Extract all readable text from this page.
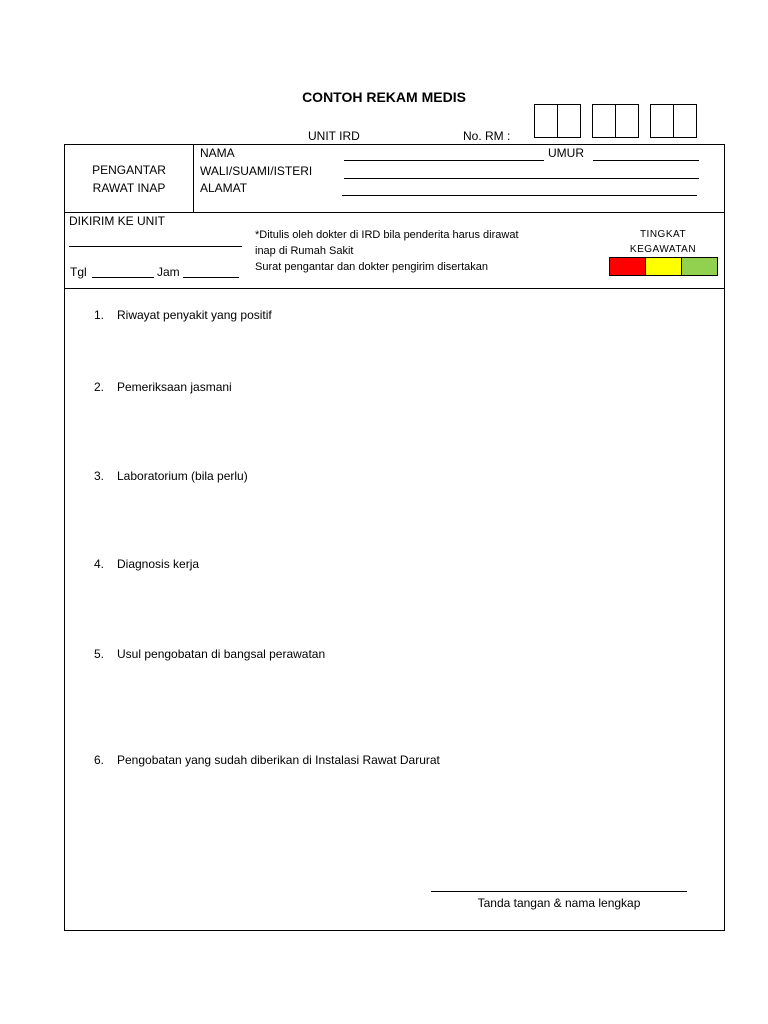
CONTOH REKAM MEDIS
UNIT IRD	No. RM :
PENGANTAR
RAWAT INAP
NAMA	UMUR
WALI/SUAMI/ISTERI
ALAMAT
DIKIRIM KE UNIT
Tgl	Jam
*Ditulis oleh dokter di IRD bila penderita harus dirawat
inap di Rumah Sakit
Surat pengantar dan dokter pengirim disertakan
TINGKAT
KEGAWATAN
1. Riwayat penyakit yang positif
2. Pemeriksaan jasmani
3. Laboratorium (bila perlu)
4. Diagnosis kerja
5. Usul pengobatan di bangsal perawatan
6. Pengobatan yang sudah diberikan di Instalasi Rawat Darurat
Tanda tangan & nama lengkap
